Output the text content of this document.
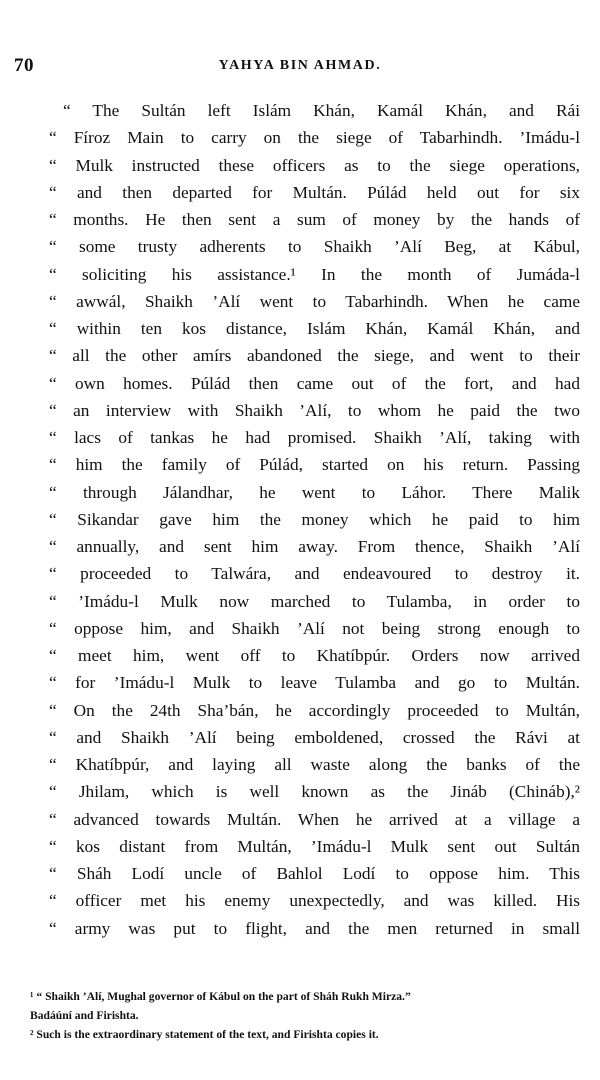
70	YAHYA BIN AHMAD.
“ The Sultán left Islám Khán, Kamál Khán, and Rái
“ Fíroz Main to carry on the siege of Tabarhindh. ’Imádu-l
“ Mulk instructed these officers as to the siege operations,
“ and then departed for Multán. Púlád held out for six
“ months. He then sent a sum of money by the hands of
“ some trusty adherents to Shaikh ’Alí Beg, at Kábul,
“ soliciting his assistance.¹ In the month of Jumáda-l
“ awwál, Shaikh ’Alí went to Tabarhindh. When he came
“ within ten kos distance, Islám Khán, Kamál Khán, and
“ all the other amírs abandoned the siege, and went to their
“ own homes. Púlád then came out of the fort, and had
“ an interview with Shaikh ’Alí, to whom he paid the two
“ lacs of tankas he had promised. Shaikh ’Alí, taking with
“ him the family of Púlád, started on his return. Passing
“ through Jálandhar, he went to Láhor. There Malik
“ Sikandar gave him the money which he paid to him
“ annually, and sent him away. From thence, Shaikh ’Alí
“ proceeded to Talwára, and endeavoured to destroy it.
“ ’Imádu-l Mulk now marched to Tulamba, in order to
“ oppose him, and Shaikh ’Alí not being strong enough to
“ meet him, went off to Khatíbpúr. Orders now arrived
“ for ’Imádu-l Mulk to leave Tulamba and go to Multán.
“ On the 24th Sha’bán, he accordingly proceeded to Multán,
“ and Shaikh ’Alí being emboldened, crossed the Rávi at
“ Khatíbpúr, and laying all waste along the banks of the
“ Jhilam, which is well known as the Jináb (Chináb),²
“ advanced towards Multán. When he arrived at a village a
“ kos distant from Multán, ’Imádu-l Mulk sent out Sultán
“ Sháh Lodí uncle of Bahlol Lodí to oppose him. This
“ officer met his enemy unexpectedly, and was killed. His
“ army was put to flight, and the men returned in small
¹ “ Shaikh ’Alí, Mughal governor of Kábul on the part of Sháh Rukh Mirza.”
Badáúní and Firishta.
² Such is the extraordinary statement of the text, and Firishta copies it.
